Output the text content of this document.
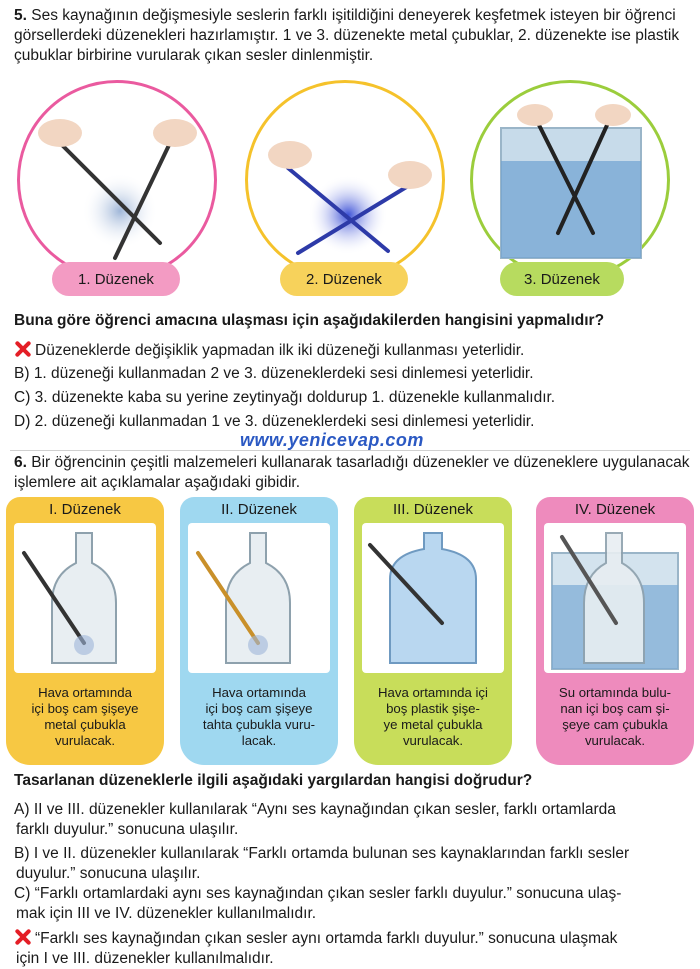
5. Ses kaynağının değişmesiyle seslerin farklı işitildiğini deneyerek keşfetmek isteyen bir öğrenci görsellerdeki düzenekleri hazırlamıştır. 1 ve 3. düzenekte metal çubuklar, 2. düzenekte ise plastik çubuklar birbirine vurularak çıkan sesler dinlenmiştir.
1. Düzenek	2. Düzenek	3. Düzenek
Buna göre öğrenci amacına ulaşması için aşağıdakilerden hangisini yapmalıdır?
Düzeneklerde değişiklik yapmadan ilk iki düzeneği kullanması yeterlidir.
B) 1. düzeneği kullanmadan 2 ve 3. düzeneklerdeki sesi dinlemesi yeterlidir.
C) 3. düzenekte kaba su yerine zeytinyağı doldurup 1. düzenekle kullanmalıdır.
D) 2. düzeneği kullanmadan 1 ve 3. düzeneklerdeki sesi dinlemesi yeterlidir.
www.yenicevap.com
6. Bir öğrencinin çeşitli malzemeleri kullanarak tasarladığı düzenekler ve düzeneklere uygulanacak işlemlere ait açıklamalar aşağıdaki gibidir.
I. Düzenek
Hava ortamında
içi boş cam şişeye
metal çubukla
vurulacak.
II. Düzenek
Hava ortamında
içi boş cam şişeye
tahta çubukla vuru-
lacak.
III. Düzenek
Hava ortamında içi
boş plastik şişe-
ye metal çubukla
vurulacak.
IV. Düzenek
Su ortamında bulu-
nan içi boş cam şi-
şeye cam çubukla
vurulacak.
Tasarlanan düzeneklerle ilgili aşağıdaki yargılardan hangisi doğrudur?
A) II ve III. düzenekler kullanılarak “Aynı ses kaynağından çıkan sesler, farklı ortamlarda
farklı duyulur.” sonucuna ulaşılır.
B) I ve II. düzenekler kullanılarak “Farklı ortamda bulunan ses kaynaklarından farklı sesler
duyulur.” sonucuna ulaşılır.
C) “Farklı ortamlardaki aynı ses kaynağından çıkan sesler farklı duyulur.” sonucuna ulaş-
mak için III ve IV. düzenekler kullanılmalıdır.
“Farklı ses kaynağından çıkan sesler aynı ortamda farklı duyulur.” sonucuna ulaşmak
için I ve III. düzenekler kullanılmalıdır.
